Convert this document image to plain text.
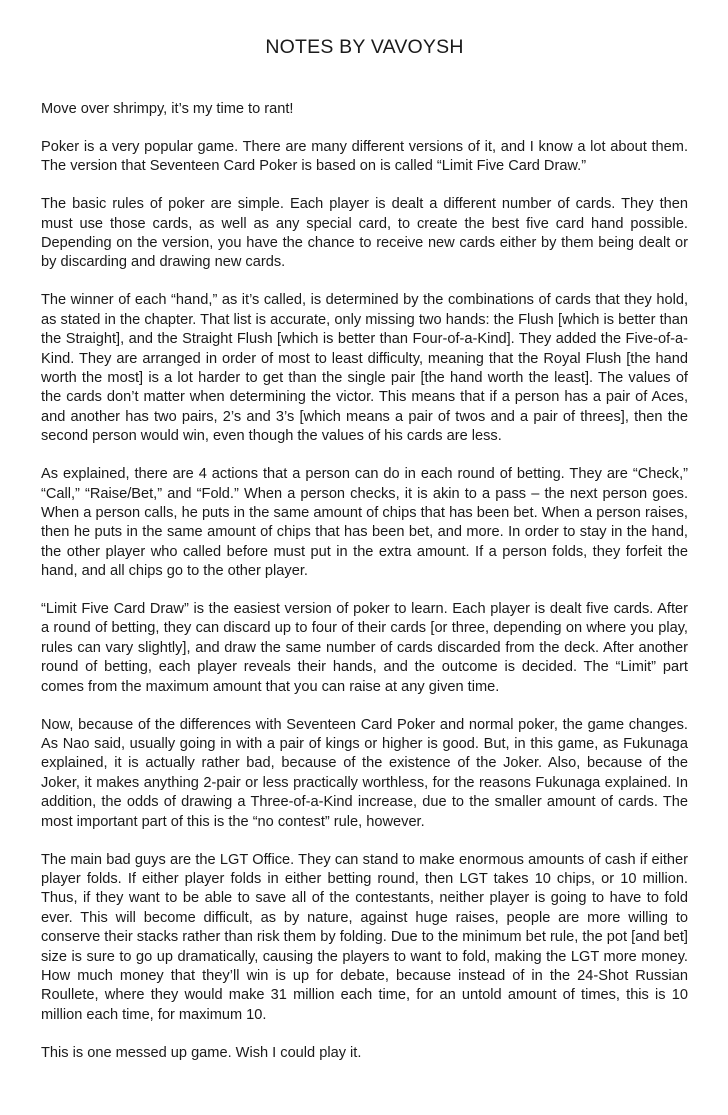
NOTES BY VAVOYSH

Move over shrimpy, it’s my time to rant!

Poker is a very popular game. There are many different versions of it, and I know a lot about them. The version that Seventeen Card Poker is based on is called “Limit Five Card Draw.”

The basic rules of poker are simple. Each player is dealt a different number of cards. They then must use those cards, as well as any special card, to create the best five card hand possible. Depending on the version, you have the chance to receive new cards either by them being dealt or by discarding and drawing new cards.

The winner of each “hand,” as it’s called, is determined by the combinations of cards that they hold, as stated in the chapter. That list is accurate, only missing two hands: the Flush [which is better than the Straight], and the Straight Flush [which is better than Four-of-a-Kind]. They added the Five-of-a-Kind. They are arranged in order of most to least difficulty, meaning that the Royal Flush [the hand worth the most] is a lot harder to get than the single pair [the hand worth the least]. The values of the cards don’t matter when determining the victor. This means that if a person has a pair of Aces, and another has two pairs, 2’s and 3’s [which means a pair of twos and a pair of threes], then the second person would win, even though the values of his cards are less.

As explained, there are 4 actions that a person can do in each round of betting. They are “Check,” “Call,” “Raise/Bet,” and “Fold.” When a person checks, it is akin to a pass – the next person goes. When a person calls, he puts in the same amount of chips that has been bet. When a person raises, then he puts in the same amount of chips that has been bet, and more. In order to stay in the hand, the other player who called before must put in the extra amount. If a person folds, they forfeit the hand, and all chips go to the other player.

“Limit Five Card Draw” is the easiest version of poker to learn. Each player is dealt five cards. After a round of betting, they can discard up to four of their cards [or three, depending on where you play, rules can vary slightly], and draw the same number of cards discarded from the deck. After another round of betting, each player reveals their hands, and the outcome is decided. The “Limit” part comes from the maximum amount that you can raise at any given time.

Now, because of the differences with Seventeen Card Poker and normal poker, the game changes. As Nao said, usually going in with a pair of kings or higher is good. But, in this game, as Fukunaga explained, it is actually rather bad, because of the existence of the Joker. Also, because of the Joker, it makes anything 2-pair or less practically worthless, for the reasons Fukunaga explained. In addition, the odds of drawing a Three-of-a-Kind increase, due to the smaller amount of cards. The most important part of this is the “no contest” rule, however.

The main bad guys are the LGT Office. They can stand to make enormous amounts of cash if either player folds. If either player folds in either betting round, then LGT takes 10 chips, or 10 million. Thus, if they want to be able to save all of the contestants, neither player is going to have to fold ever. This will become difficult, as by nature, against huge raises, people are more willing to conserve their stacks rather than risk them by folding. Due to the minimum bet rule, the pot [and bet] size is sure to go up dramatically, causing the players to want to fold, making the LGT more money. How much money that they’ll win is up for debate, because instead of in the 24-Shot Russian Roullete, where they would make 31 million each time, for an untold amount of times, this is 10 million each time, for maximum 10.

This is one messed up game. Wish I could play it.
